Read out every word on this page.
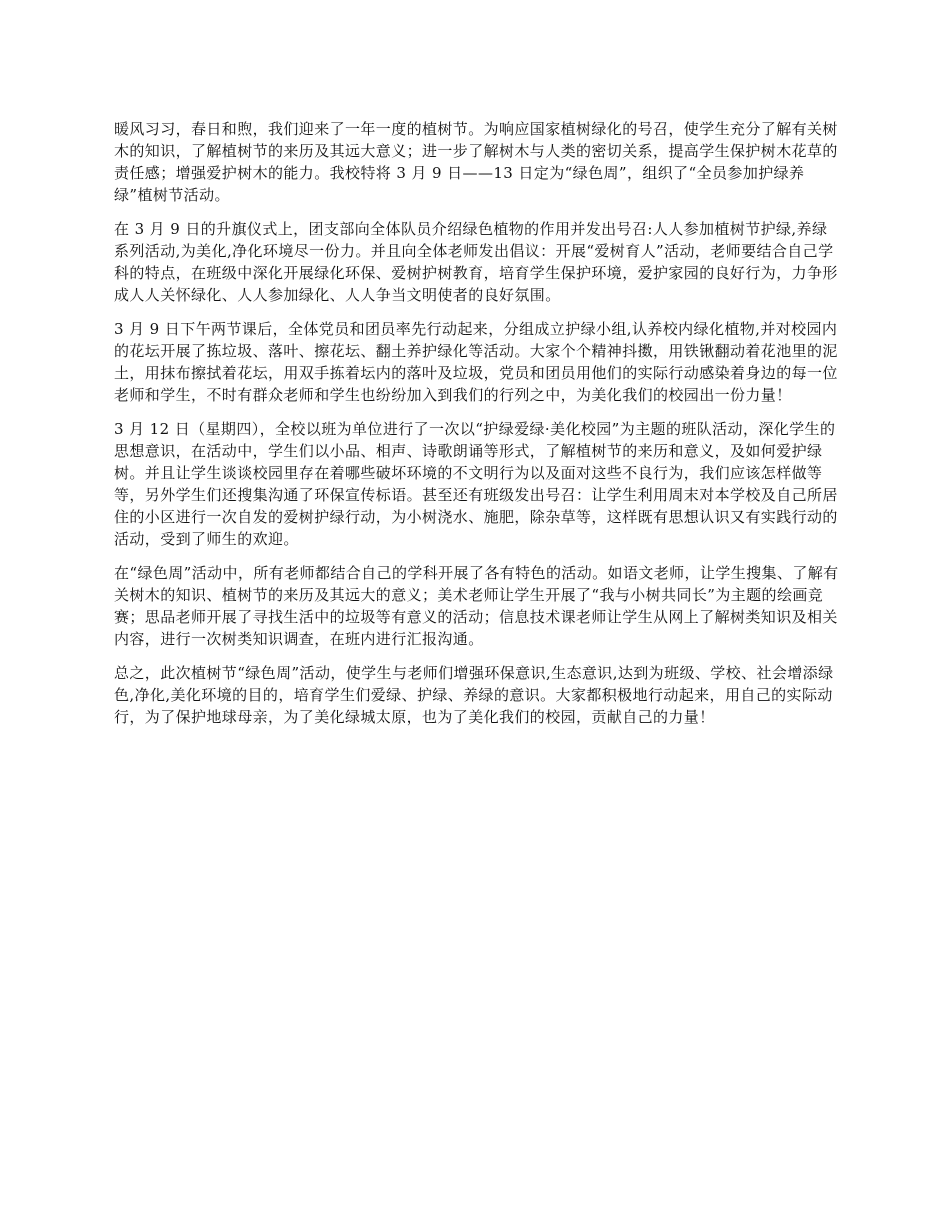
暖风习习，春日和煦，我们迎来了一年一度的植树节。为响应国家植树绿化的号召，使学生充分了解有关树木的知识，了解植树节的来历及其远大意义；进一步了解树木与人类的密切关系，提高学生保护树木花草的责任感；增强爱护树木的能力。我校特将 3 月 9 日——13 日定为“绿色周”，组织了“全员参加护绿养绿”植树节活动。

在 3 月 9 日的升旗仪式上，团支部向全体队员介绍绿色植物的作用并发出号召:人人参加植树节护绿,养绿系列活动,为美化,净化环境尽一份力。并且向全体老师发出倡议：开展“爱树育人”活动，老师要结合自己学科的特点，在班级中深化开展绿化环保、爱树护树教育，培育学生保护环境，爱护家园的良好行为，力争形成人人关怀绿化、人人参加绿化、人人争当文明使者的良好氛围。

3 月 9 日下午两节课后，全体党员和团员率先行动起来，分组成立护绿小组,认养校内绿化植物,并对校园内的花坛开展了拣垃圾、落叶、擦花坛、翻土养护绿化等活动。大家个个精神抖擞，用铁锹翻动着花池里的泥土，用抹布擦拭着花坛，用双手拣着坛内的落叶及垃圾，党员和团员用他们的实际行动感染着身边的每一位老师和学生，不时有群众老师和学生也纷纷加入到我们的行列之中，为美化我们的校园出一份力量！

3 月 12 日（星期四），全校以班为单位进行了一次以“护绿爱绿·美化校园”为主题的班队活动，深化学生的思想意识，在活动中，学生们以小品、相声、诗歌朗诵等形式，了解植树节的来历和意义，及如何爱护绿树。并且让学生谈谈校园里存在着哪些破坏环境的不文明行为以及面对这些不良行为，我们应该怎样做等等，另外学生们还搜集沟通了环保宣传标语。甚至还有班级发出号召：让学生利用周末对本学校及自己所居住的小区进行一次自发的爱树护绿行动，为小树浇水、施肥，除杂草等，这样既有思想认识又有实践行动的活动，受到了师生的欢迎。

在“绿色周”活动中，所有老师都结合自己的学科开展了各有特色的活动。如语文老师，让学生搜集、了解有关树木的知识、植树节的来历及其远大的意义；美术老师让学生开展了“我与小树共同长”为主题的绘画竞赛；思品老师开展了寻找生活中的垃圾等有意义的活动；信息技术课老师让学生从网上了解树类知识及相关内容，进行一次树类知识调查，在班内进行汇报沟通。

总之，此次植树节“绿色周”活动，使学生与老师们增强环保意识,生态意识,达到为班级、学校、社会增添绿色,净化,美化环境的目的，培育学生们爱绿、护绿、养绿的意识。大家都积极地行动起来，用自己的实际动行，为了保护地球母亲，为了美化绿城太原，也为了美化我们的校园，贡献自己的力量！
